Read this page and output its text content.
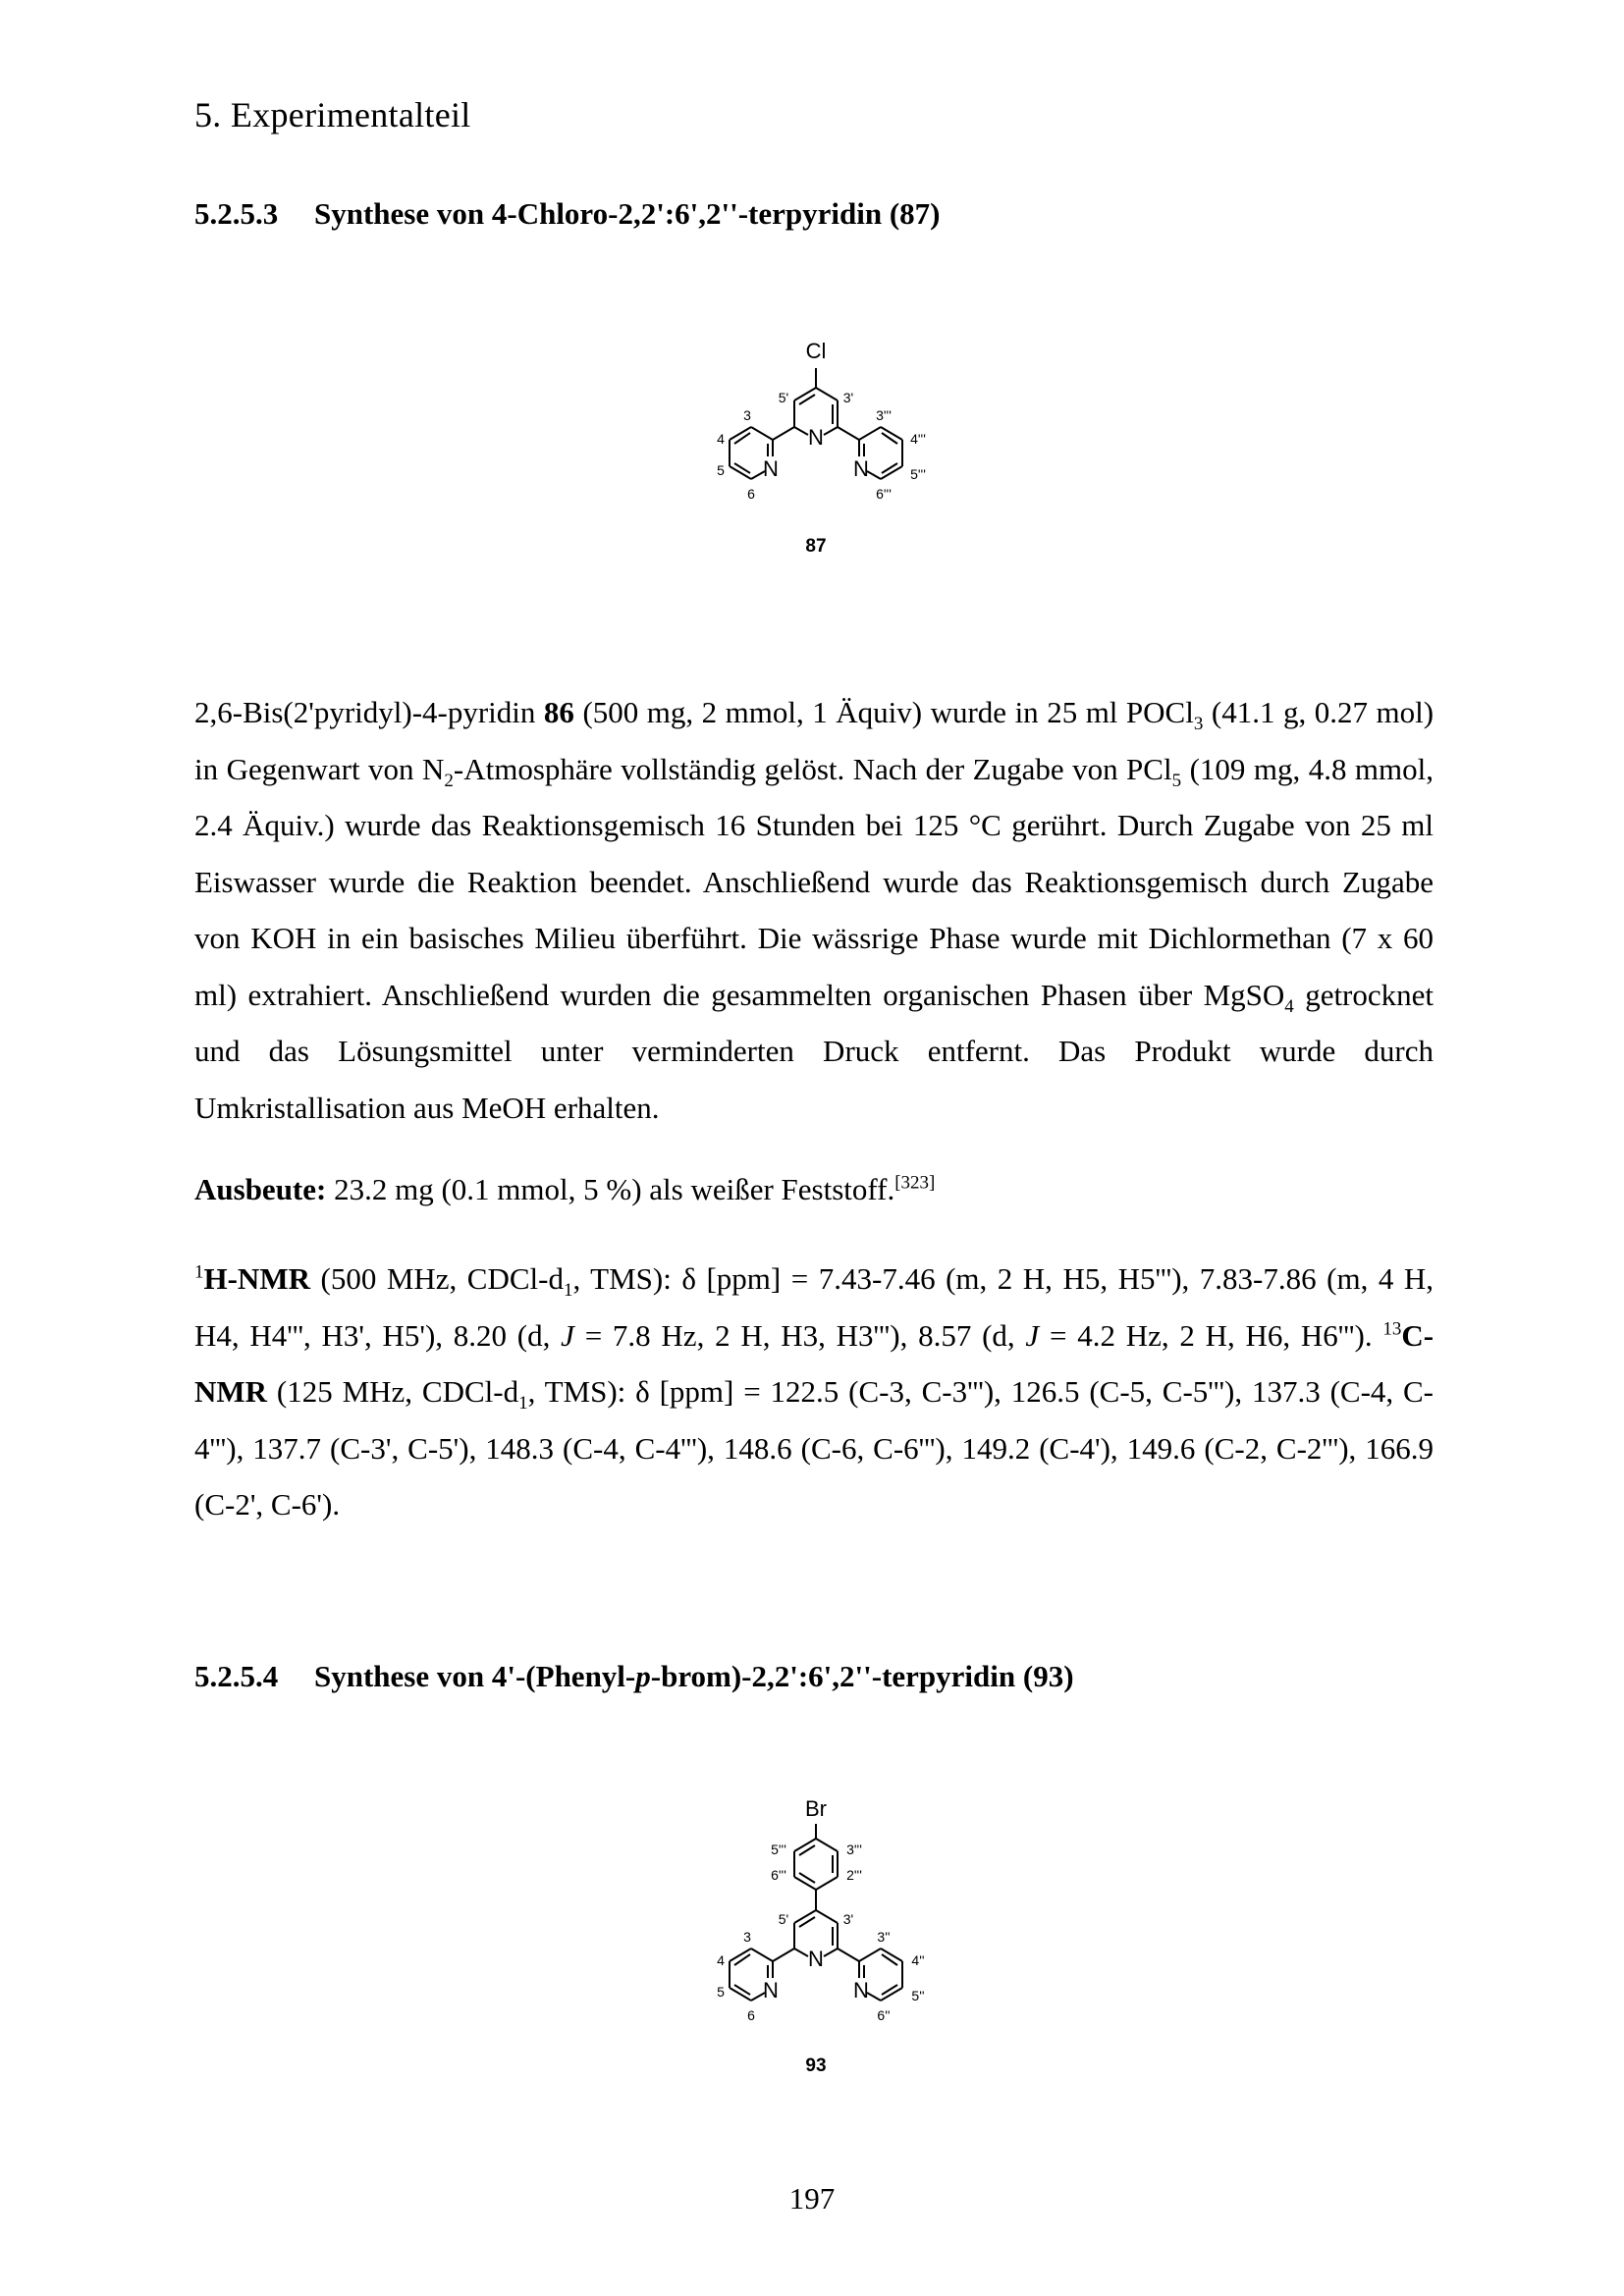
5. Experimentalteil
5.2.5.3 Synthese von 4-Chloro-2,2':6',2''-terpyridin (87)
Cl
N
N	N
5'	3'
3
4
5
6
3'''
4'''
5'''
6'''
87
2,6-Bis(2'pyridyl)-4-pyridin 86 (500 mg, 2 mmol, 1 Äquiv) wurde in 25 ml POCl$_3$ (41.1 g, 0.27 mol) in Gegenwart von $N_2$-Atmosphäre vollständig gelöst. Nach der Zugabe von PCl$_5$ (109 mg, 4.8 mmol, 2.4 Äquiv.) wurde das Reaktionsgemisch 16 Stunden bei 125 °C gerührt. Durch Zugabe von 25 ml Eiswasser wurde die Reaktion beendet. Anschließend wurde das Reaktionsgemisch durch Zugabe von KOH in ein basisches Milieu überführt. Die wässrige Phase wurde mit Dichlormethan (7 x 60 ml) extrahiert. Anschließend wurden die gesammelten organischen Phasen über MgSO$_4$ getrocknet und das Lösungsmittel unter verminderten Druck entfernt. Das Produkt wurde durch Umkristallisation aus MeOH erhalten.
Ausbeute: 23.2 mg (0.1 mmol, 5 %) als weißer Feststoff.[323]
$^1$H-NMR (500 MHz, CDCl-$d_1$, TMS): δ [ppm] = 7.43-7.46 (m, 2 H, H5, H5'''), 7.83-7.86 (m, 4 H, H4, H4''', H3', H5'), 8.20 (d, J = 7.8 Hz, 2 H, H3, H3'''), 8.57 (d, J = 4.2 Hz, 2 H, H6, H6'''). $^{13}$C-NMR (125 MHz, CDCl-$d_1$, TMS): δ [ppm] = 122.5 (C-3, C-3'''), 126.5 (C-5, C-5'''), 137.3 (C-4, C-4'''), 137.7 (C-3', C-5'), 148.3 (C-4, C-4'''), 148.6 (C-6, C-6'''), 149.2 (C-4'), 149.6 (C-2, C-2'''), 166.9 (C-2', C-6').
5.2.5.4 Synthese von 4'-(Phenyl-p-brom)-2,2':6',2''-terpyridin (93)
Br
5'''
6'''
3'''
2'''
N
N	N
5'	3'
3
4
5
6
3''
4''
5''
6''
93
197
